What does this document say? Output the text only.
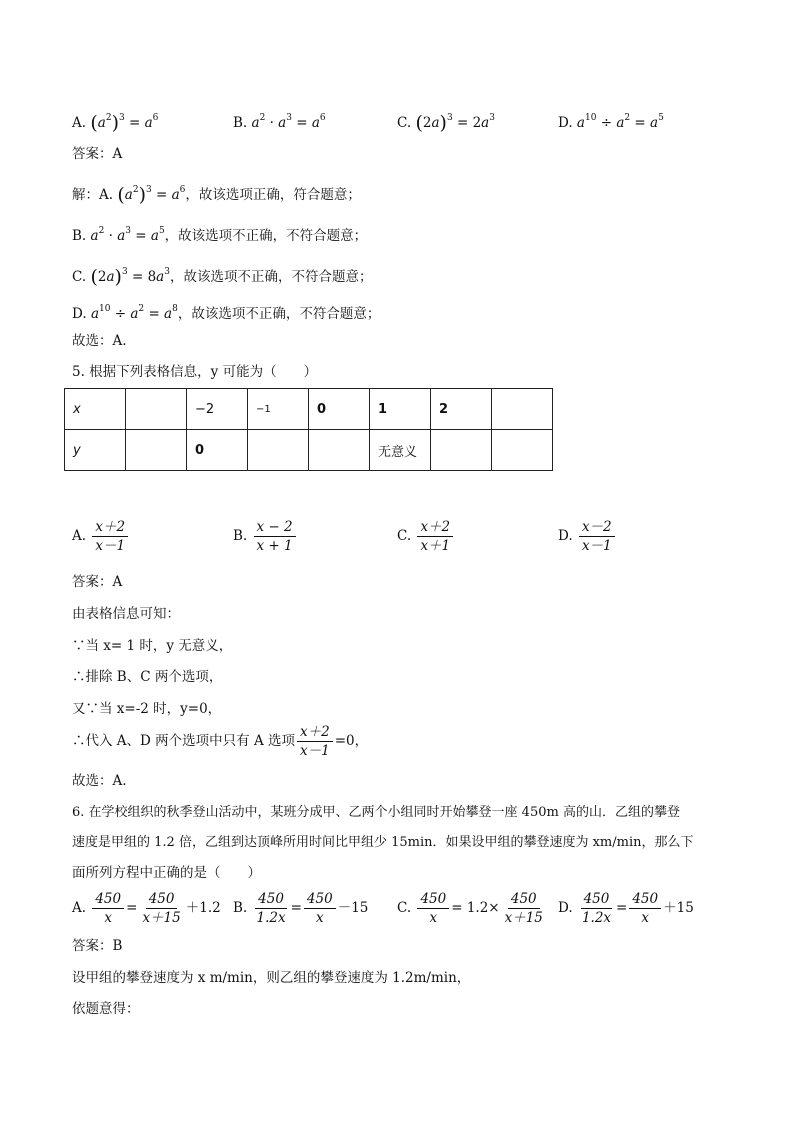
A. $(a^2)^3 = a^6$	B. $a^2 \cdot a^3 = a^6$	C. $(2a)^3 = 2a^3$	D. $a^{10} \div a^2 = a^5$
答案：A
解：A. $(a^2)^3 = a^6$，故该选项正确，符合题意；
B. $a^2 \cdot a^3 = a^5$，故该选项不正确，不符合题意；
C. $(2a)^3 = 8a^3$，故该选项不正确，不符合题意；
D. $a^{10} \div a^2 = a^8$，故该选项不正确，不符合题意；
故选：A.
5. 根据下列表格信息，y 可能为（　　）
x		−2	−1	0	1	2	
y		0			无意义		
A. $\frac{x+2}{x-1}$	B. $\frac{x - 2}{x + 1}$	C. $\frac{x+2}{x+1}$	D. $\frac{x-2}{x-1}$
答案：A
由表格信息可知：
∵当 x= 1 时，y 无意义，
∴排除 B、C 两个选项，
又∵当 x=-2 时，y=0，
∴代入 A、D 两个选项中只有 A 选项 $\frac{x+2}{x-1} =0$，
故选：A.
6. 在学校组织的秋季登山活动中，某班分成甲、乙两个小组同时开始攀登一座 450m 高的山．乙组的攀登
速度是甲组的 1.2 倍，乙组到达顶峰所用时间比甲组少 15min．如果设甲组的攀登速度为 xm/min，那么下
面所列方程中正确的是（　　）
A. $\frac{450}{x} = \frac{450}{x+15} +1.2$ B. $\frac{450}{1.2x} = \frac{450}{x} -15$ C. $\frac{450}{x} = 1.2\times \frac{450}{x+15} D$. $\frac{450}{1.2x} = \frac{450}{x} +15$
答案：B
设甲组的攀登速度为 x m/min，则乙组的攀登速度为 1.2m/min，
依题意得：
